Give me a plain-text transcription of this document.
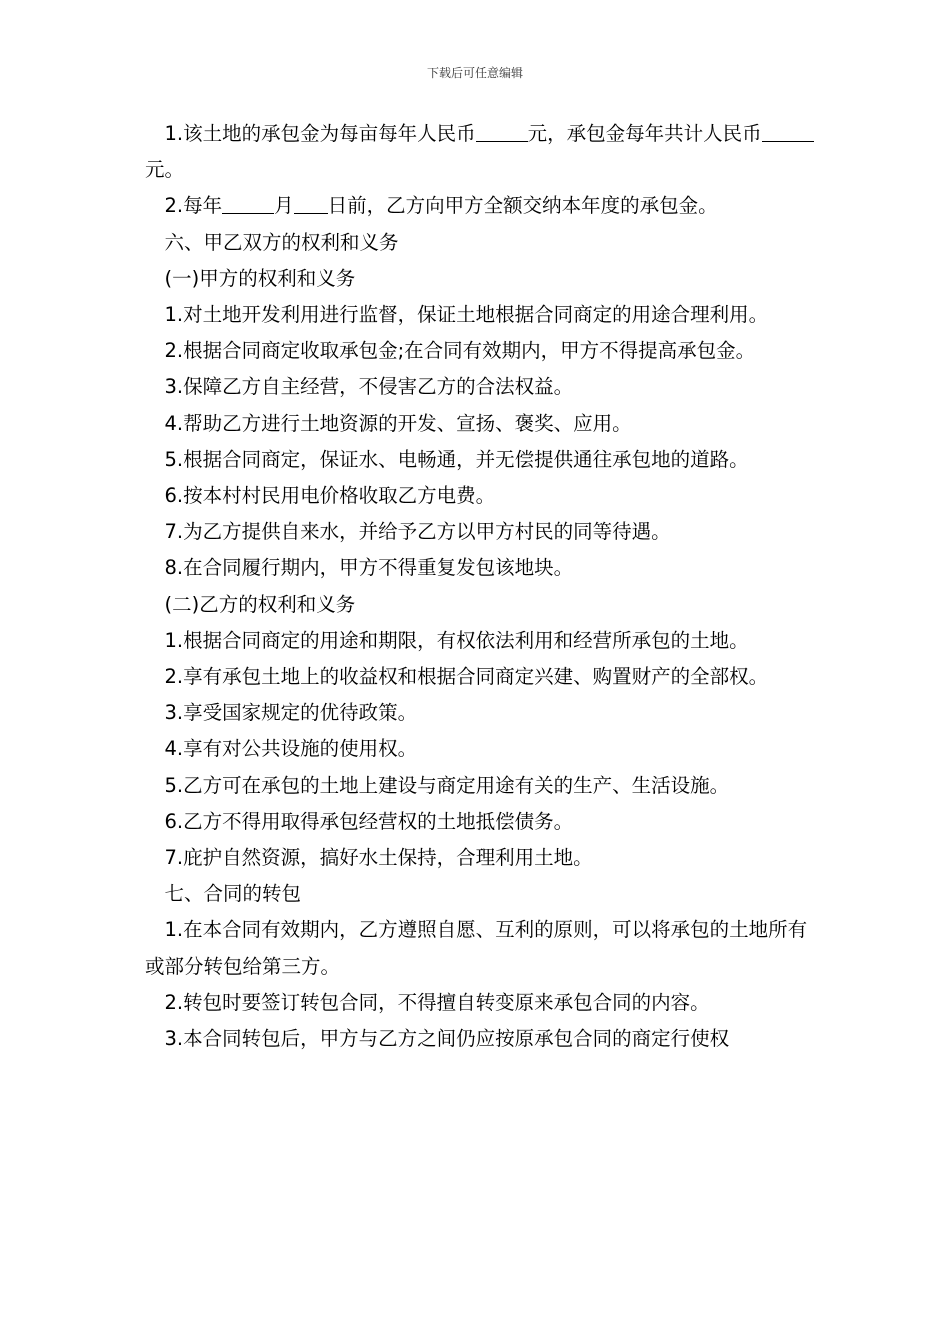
下载后可任意编辑

1.该土地的承包金为每亩每年人民币	元，承包金每年共计人民币元。

2.每年	月 日前，乙方向甲方全额交纳本年度的承包金。

六、甲乙双方的权利和义务

(一)甲方的权利和义务

1.对土地开发利用进行监督，保证土地根据合同商定的用途合理利用。

2.根据合同商定收取承包金;在合同有效期内，甲方不得提高承包金。

3.保障乙方自主经营，不侵害乙方的合法权益。

4.帮助乙方进行土地资源的开发、宣扬、褒奖、应用。

5.根据合同商定，保证水、电畅通，并无偿提供通往承包地的道路。

6.按本村村民用电价格收取乙方电费。

7.为乙方提供自来水，并给予乙方以甲方村民的同等待遇。

8.在合同履行期内，甲方不得重复发包该地块。

(二)乙方的权利和义务

1.根据合同商定的用途和期限，有权依法利用和经营所承包的土地。

2.享有承包土地上的收益权和根据合同商定兴建、购置财产的全部权。

3.享受国家规定的优待政策。

4.享有对公共设施的使用权。

5.乙方可在承包的土地上建设与商定用途有关的生产、生活设施。

6.乙方不得用取得承包经营权的土地抵偿债务。

7.庇护自然资源，搞好水土保持，合理利用土地。

七、合同的转包

1.在本合同有效期内，乙方遵照自愿、互利的原则，可以将承包的土地所有或部分转包给第三方。

2.转包时要签订转包合同，不得擅自转变原来承包合同的内容。

3.本合同转包后，甲方与乙方之间仍应按原承包合同的商定行使权
